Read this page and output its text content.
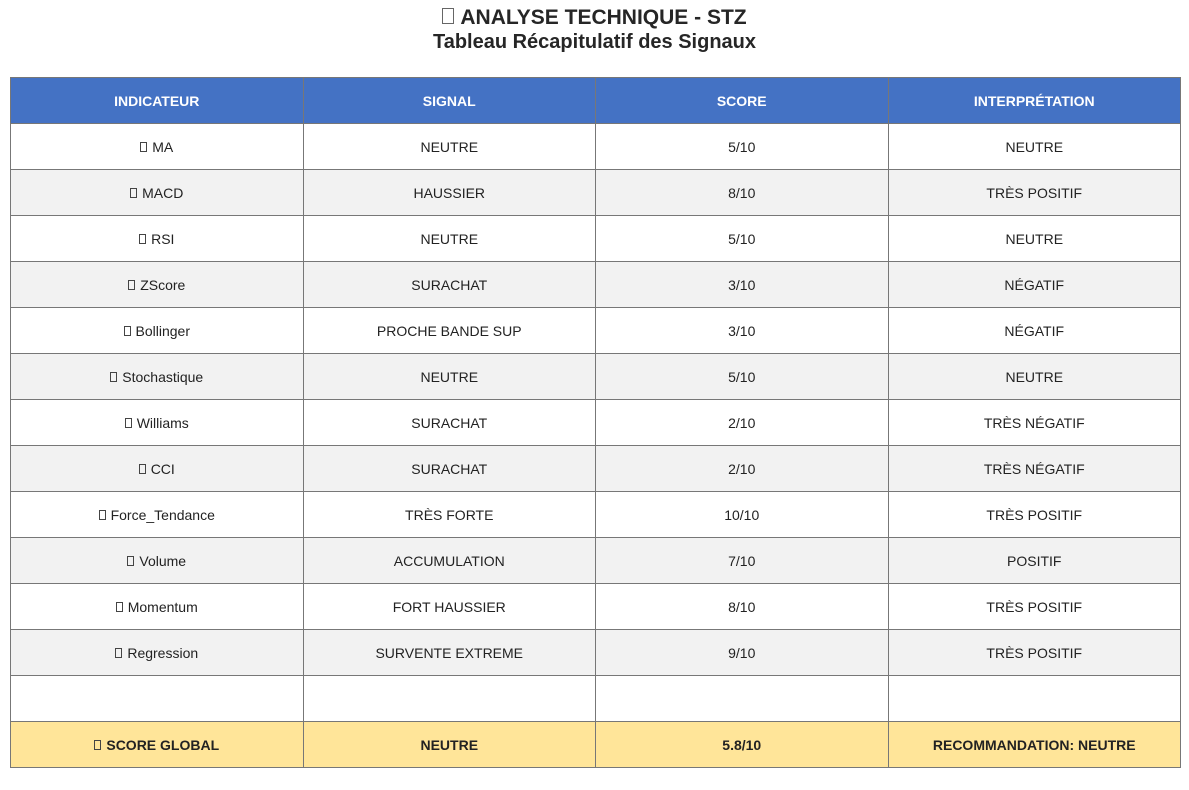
ANALYSE TECHNIQUE - STZ
Tableau Récapitulatif des Signaux
INDICATEUR	SIGNAL	SCORE	INTERPRÉTATION
MA	NEUTRE	5/10	NEUTRE
MACD	HAUSSIER	8/10	TRÈS POSITIF
RSI	NEUTRE	5/10	NEUTRE
ZScore	SURACHAT	3/10	NÉGATIF
Bollinger	PROCHE BANDE SUP	3/10	NÉGATIF
Stochastique	NEUTRE	5/10	NEUTRE
Williams	SURACHAT	2/10	TRÈS NÉGATIF
CCI	SURACHAT	2/10	TRÈS NÉGATIF
Force_Tendance	TRÈS FORTE	10/10	TRÈS POSITIF
Volume	ACCUMULATION	7/10	POSITIF
Momentum	FORT HAUSSIER	8/10	TRÈS POSITIF
Regression	SURVENTE EXTREME	9/10	TRÈS POSITIF

SCORE GLOBAL	NEUTRE	5.8/10	RECOMMANDATION: NEUTRE
